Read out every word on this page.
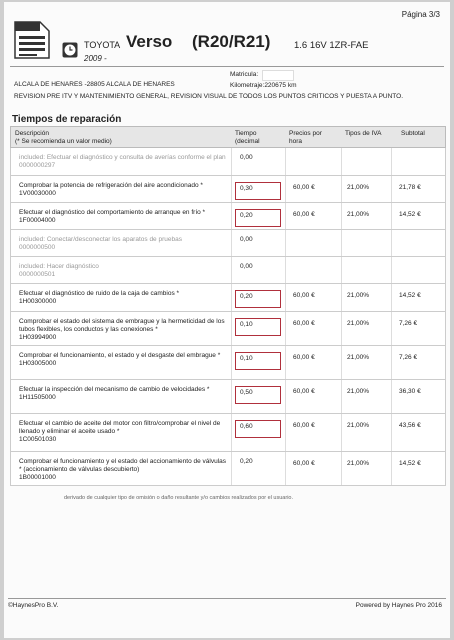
Página 3/3
TOYOTA Verso (R20/R21) 1.6 16V 1ZR-FAE
2009 -
Matricula:
ALCALA DE HENARES -28805 ALCALA DE HENARES	Kilometraje:220675 km
REVISION PRE ITV Y MANTENIMIENTO GENERAL, REVISION VISUAL DE TODOS LOS PUNTOS CRITICOS Y PUESTA A PUNTO.
Tiempos de reparación
Descripción
(* Se recomienda un valor medio)
Tiempo
(decimal
Precios por
hora
Tipos de IVA	Subtotal
included: Efectuar el diagnóstico y consulta de averías conforme el plan
0000000297
0,00
Comprobar la potencia de refrigeración del aire acondicionado *
1V00030000
0,30	60,00 €	21,00%	21,78 €
Efectuar el diagnóstico del comportamiento de arranque en frío *
1F00004000
0,20	60,00 €	21,00%	14,52 €
included: Conectar/desconectar los aparatos de pruebas
0000000500
0,00
included: Hacer diagnóstico
0000000501
0,00
Efectuar el diagnóstico de ruido de la caja de cambios *
1H00300000
0,20	60,00 €	21,00%	14,52 €
Comprobar el estado del sistema de embrague y la hermeticidad de los tubos flexibles, los conductos y las conexiones *
1H03994900
0,10	60,00 €	21,00%	7,26 €
Comprobar el funcionamiento, el estado y el desgaste del embrague *
1H03005000
0,10	60,00 €	21,00%	7,26 €
Efectuar la inspección del mecanismo de cambio de velocidades *
1H11505000
0,50	60,00 €	21,00%	36,30 €
Efectuar el cambio de aceite del motor con filtro/comprobar el nivel de llenado y eliminar el aceite usado *
1C00501030
0,60	60,00 €	21,00%	43,56 €
Comprobar el funcionamiento y el estado del accionamiento de válvulas * (accionamiento de válvulas descubierto)
1B00001000
0,20	60,00 €	21,00%	14,52 €
derivado de cualquier tipo de omisión o daño resultante y/o cambios realizados por el usuario.
©HaynesPro B.V.	Powered by Haynes Pro 2016
